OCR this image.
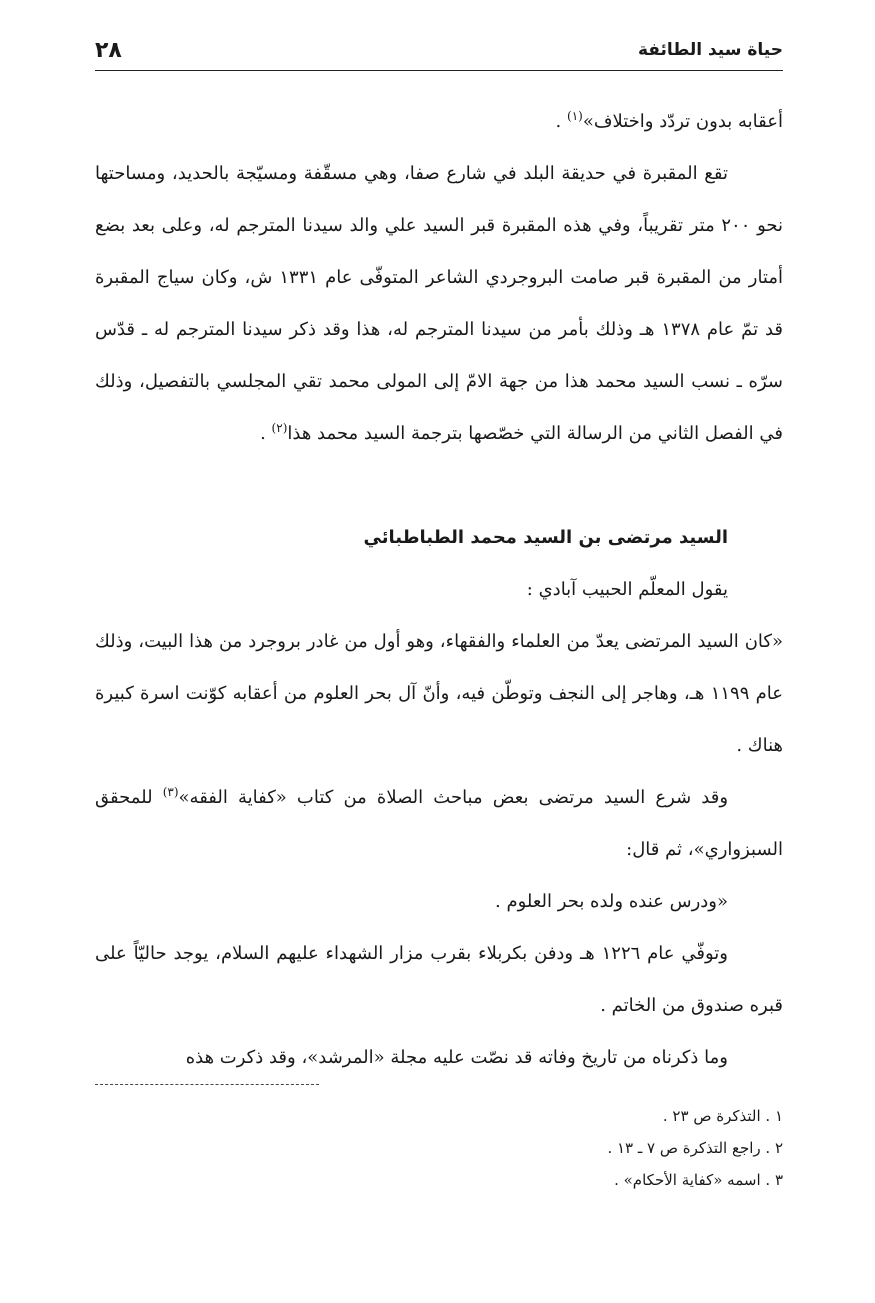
حياة سيد الطائفة
٢٨

أعقابه بدون تردّد واختلاف»$^{(١)}$ .

تقع المقبرة في حديقة البلد في شارع صفا، وهي مسقّفة ومسيّجة بالحديد، ومساحتها نحو ٢٠٠ متر تقريباً، وفي هذه المقبرة قبر السيد علي والد سيدنا المترجم له، وعلى بعد بضع أمتار من المقبرة قبر صامت البروجردي الشاعر المتوفّى عام ١٣٣١ ش، وكان سياج المقبرة قد تمّ عام ١٣٧٨ هـ وذلك بأمر من سيدنا المترجم له، هذا وقد ذكر سيدنا المترجم له ـ قدّس سرّه ـ نسب السيد محمد هذا من جهة الامّ إلى المولى محمد تقي المجلسي بالتفصيل، وذلك في الفصل الثاني من الرسالة التي خصّصها بترجمة السيد محمد هذا$^{(٢)}$ .

السيد مرتضى بن السيد محمد الطباطبائي

يقول المعلّم الحبيب آبادي :

«كان السيد المرتضى يعدّ من العلماء والفقهاء، وهو أول من غادر بروجرد من هذا البيت، وذلك عام ١١٩٩ هـ، وهاجر إلى النجف وتوطّن فيه، وأنّ آل بحر العلوم من أعقابه كوّنت اسرة كبيرة هناك .

وقد شرع السيد مرتضى بعض مباحث الصلاة من كتاب «كفاية الفقه»$^{(٣)}$ للمحقق السبزواري»، ثم قال:

«ودرس عنده ولده بحر العلوم .

وتوفّي عام ١٢٢٦ هـ ودفن بكربلاء بقرب مزار الشهداء عليهم السلام، يوجد حاليّاً على قبره صندوق من الخاتم .

وما ذكرناه من تاريخ وفاته قد نصّت عليه مجلة «المرشد»، وقد ذكرت هذه

١ . التذكرة ص ٢٣ .
٢ . راجع التذكرة ص ٧ ـ ١٣ .
٣ . اسمه «كفاية الأحكام» .
